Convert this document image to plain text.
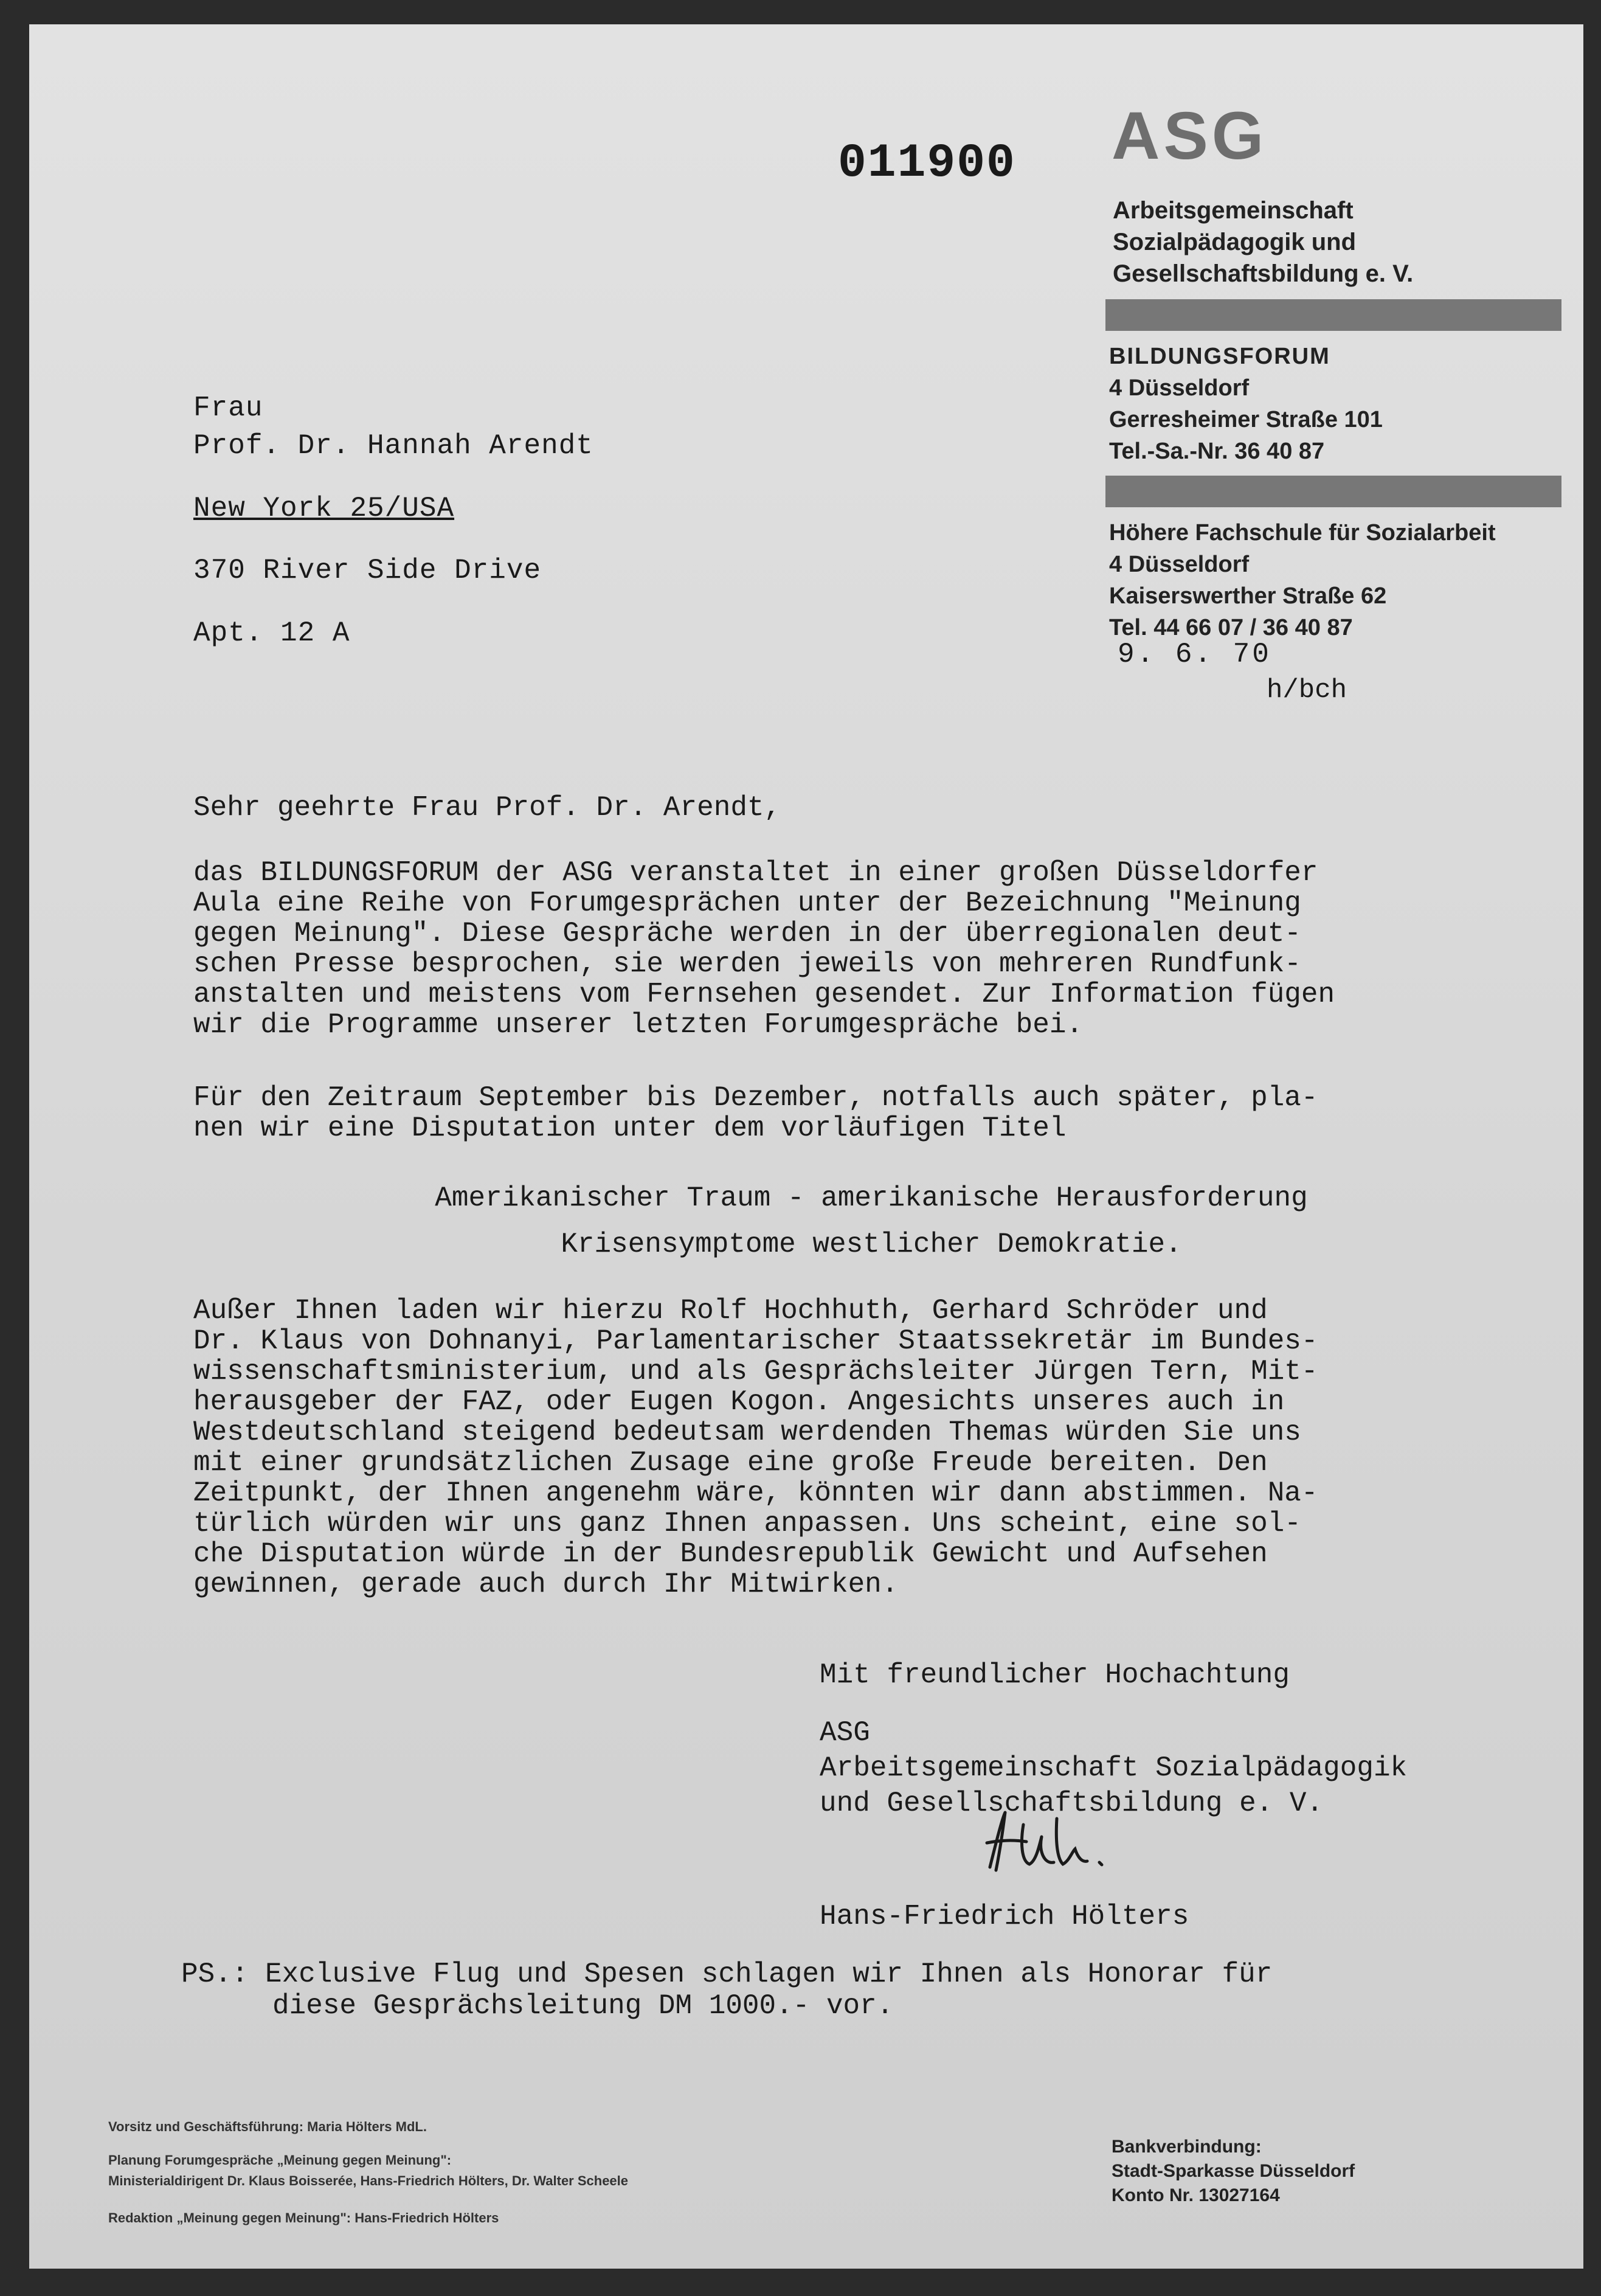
011900 ASG
Arbeitsgemeinschaft
Sozialpädagogik und
Gesellschaftsbildung e. V.
BILDUNGSFORUM
4 Düsseldorf
Gerresheimer Straße 101
Tel.-Sa.-Nr. 36 40 87
Höhere Fachschule für Sozialarbeit
4 Düsseldorf
Kaiserswerther Straße 62
Tel. 44 66 07 / 36 40 87
9. 6. 70
h/bch
Frau
Prof. Dr. Hannah Arendt
New York 25/USA
370 River Side Drive
Apt. 12 A
Sehr geehrte Frau Prof. Dr. Arendt,
das BILDUNGSFORUM der ASG veranstaltet in einer großen Düsseldorfer
Aula eine Reihe von Forumgesprächen unter der Bezeichnung "Meinung
gegen Meinung". Diese Gespräche werden in der überregionalen deut-
schen Presse besprochen, sie werden jeweils von mehreren Rundfunk-
anstalten und meistens vom Fernsehen gesendet. Zur Information fügen
wir die Programme unserer letzten Forumgespräche bei.
Für den Zeitraum September bis Dezember, notfalls auch später, pla-
nen wir eine Disputation unter dem vorläufigen Titel
Amerikanischer Traum - amerikanische Herausforderung
Krisensymptome westlicher Demokratie.
Außer Ihnen laden wir hierzu Rolf Hochhuth, Gerhard Schröder und
Dr. Klaus von Dohnanyi, Parlamentarischer Staatssekretär im Bundes-
wissenschaftsministerium, und als Gesprächsleiter Jürgen Tern, Mit-
herausgeber der FAZ, oder Eugen Kogon. Angesichts unseres auch in
Westdeutschland steigend bedeutsam werdenden Themas würden Sie uns
mit einer grundsätzlichen Zusage eine große Freude bereiten. Den
Zeitpunkt, der Ihnen angenehm wäre, könnten wir dann abstimmen. Na-
türlich würden wir uns ganz Ihnen anpassen. Uns scheint, eine sol-
che Disputation würde in der Bundesrepublik Gewicht und Aufsehen
gewinnen, gerade auch durch Ihr Mitwirken.
Mit freundlicher Hochachtung
ASG
Arbeitsgemeinschaft Sozialpädagogik
und Gesellschaftsbildung e. V.
Hans-Friedrich Hölters
PS.: Exclusive Flug und Spesen schlagen wir Ihnen als Honorar für
diese Gesprächsleitung DM 1000.- vor.
Vorsitz und Geschäftsführung: Maria Hölters MdL.
Planung Forumgespräche „Meinung gegen Meinung":
Ministerialdirigent Dr. Klaus Boisserée, Hans-Friedrich Hölters, Dr. Walter Scheele
Redaktion „Meinung gegen Meinung": Hans-Friedrich Hölters
Bankverbindung:
Stadt-Sparkasse Düsseldorf
Konto Nr. 13027164
